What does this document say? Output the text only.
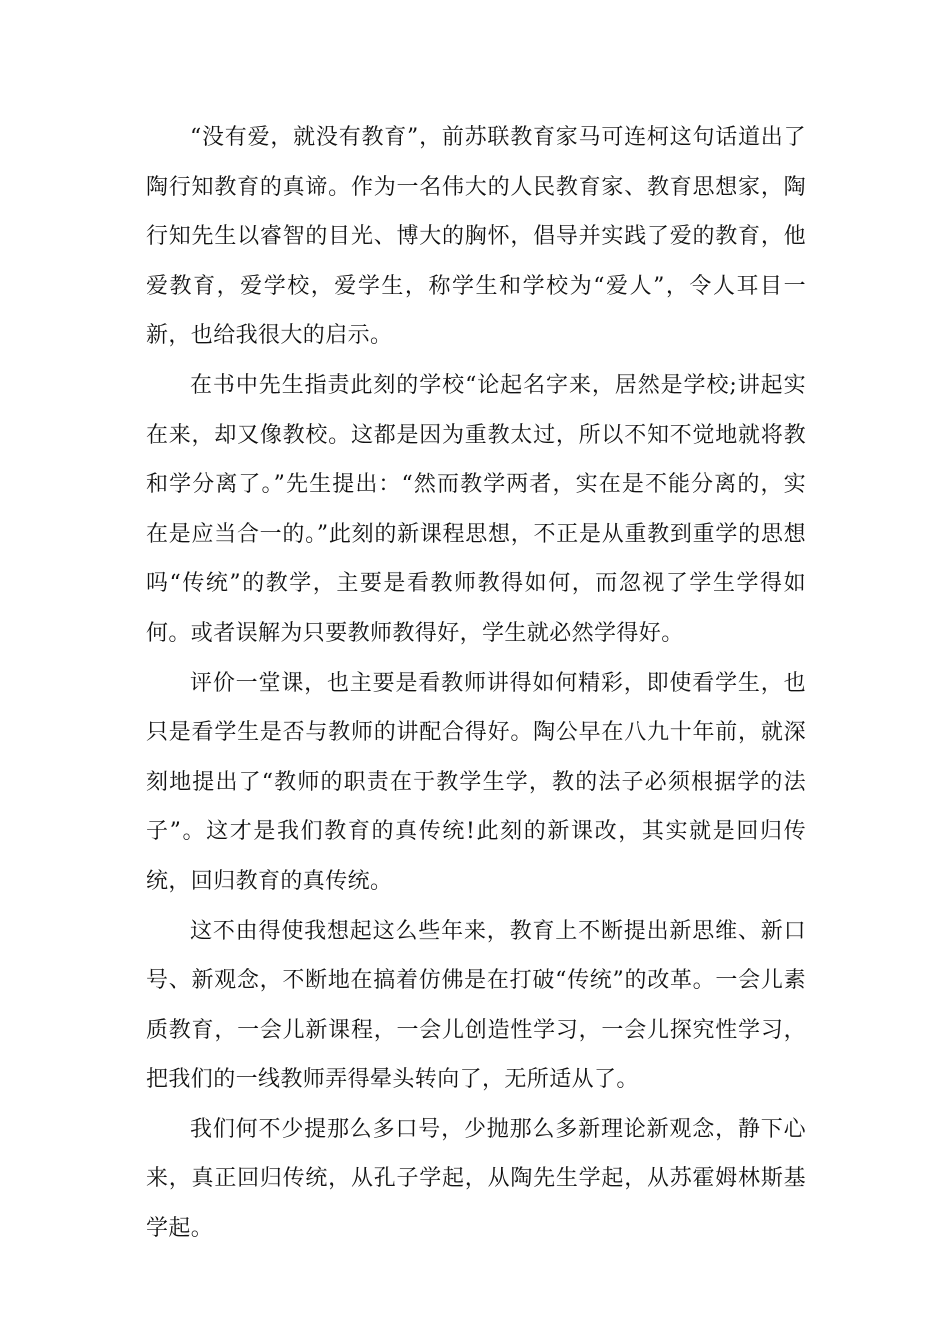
“没有爱，就没有教育”，前苏联教育家马可连柯这句话道出了陶行知教育的真谛。作为一名伟大的人民教育家、教育思想家，陶行知先生以睿智的目光、博大的胸怀，倡导并实践了爱的教育，他爱教育，爱学校，爱学生，称学生和学校为“爱人”，令人耳目一新，也给我很大的启示。

在书中先生指责此刻的学校“论起名字来，居然是学校;讲起实在来，却又像教校。这都是因为重教太过，所以不知不觉地就将教和学分离了。”先生提出：“然而教学两者，实在是不能分离的，实在是应当合一的。”此刻的新课程思想，不正是从重教到重学的思想吗“传统”的教学，主要是看教师教得如何，而忽视了学生学得如何。或者误解为只要教师教得好，学生就必然学得好。

评价一堂课，也主要是看教师讲得如何精彩，即使看学生，也只是看学生是否与教师的讲配合得好。陶公早在八九十年前，就深刻地提出了“教师的职责在于教学生学，教的法子必须根据学的法子”。这才是我们教育的真传统!此刻的新课改，其实就是回归传统，回归教育的真传统。

这不由得使我想起这么些年来，教育上不断提出新思维、新口号、新观念，不断地在搞着仿佛是在打破“传统”的改革。一会儿素质教育，一会儿新课程，一会儿创造性学习，一会儿探究性学习，把我们的一线教师弄得晕头转向了，无所适从了。

我们何不少提那么多口号，少抛那么多新理论新观念，静下心来，真正回归传统，从孔子学起，从陶先生学起，从苏霍姆林斯基学起。
